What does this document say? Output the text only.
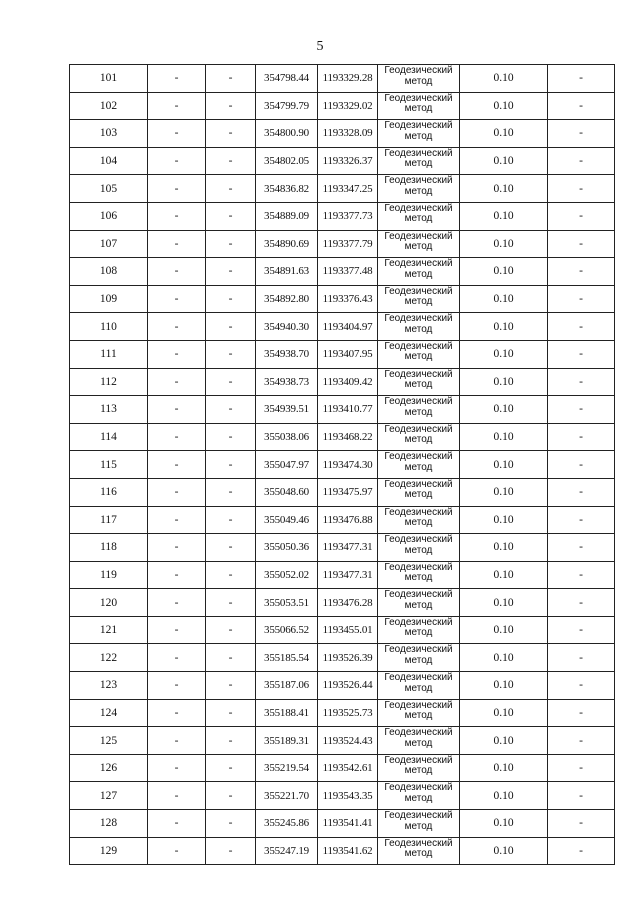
5
101	-	-	354798.44	1193329.28	Геодезический метод	0.10	-
102	-	-	354799.79	1193329.02	Геодезический метод	0.10	-
103	-	-	354800.90	1193328.09	Геодезический метод	0.10	-
104	-	-	354802.05	1193326.37	Геодезический метод	0.10	-
105	-	-	354836.82	1193347.25	Геодезический метод	0.10	-
106	-	-	354889.09	1193377.73	Геодезический метод	0.10	-
107	-	-	354890.69	1193377.79	Геодезический метод	0.10	-
108	-	-	354891.63	1193377.48	Геодезический метод	0.10	-
109	-	-	354892.80	1193376.43	Геодезический метод	0.10	-
110	-	-	354940.30	1193404.97	Геодезический метод	0.10	-
111	-	-	354938.70	1193407.95	Геодезический метод	0.10	-
112	-	-	354938.73	1193409.42	Геодезический метод	0.10	-
113	-	-	354939.51	1193410.77	Геодезический метод	0.10	-
114	-	-	355038.06	1193468.22	Геодезический метод	0.10	-
115	-	-	355047.97	1193474.30	Геодезический метод	0.10	-
116	-	-	355048.60	1193475.97	Геодезический метод	0.10	-
117	-	-	355049.46	1193476.88	Геодезический метод	0.10	-
118	-	-	355050.36	1193477.31	Геодезический метод	0.10	-
119	-	-	355052.02	1193477.31	Геодезический метод	0.10	-
120	-	-	355053.51	1193476.28	Геодезический метод	0.10	-
121	-	-	355066.52	1193455.01	Геодезический метод	0.10	-
122	-	-	355185.54	1193526.39	Геодезический метод	0.10	-
123	-	-	355187.06	1193526.44	Геодезический метод	0.10	-
124	-	-	355188.41	1193525.73	Геодезический метод	0.10	-
125	-	-	355189.31	1193524.43	Геодезический метод	0.10	-
126	-	-	355219.54	1193542.61	Геодезический метод	0.10	-
127	-	-	355221.70	1193543.35	Геодезический метод	0.10	-
128	-	-	355245.86	1193541.41	Геодезический метод	0.10	-
129	-	-	355247.19	1193541.62	Геодезический метод	0.10	-
